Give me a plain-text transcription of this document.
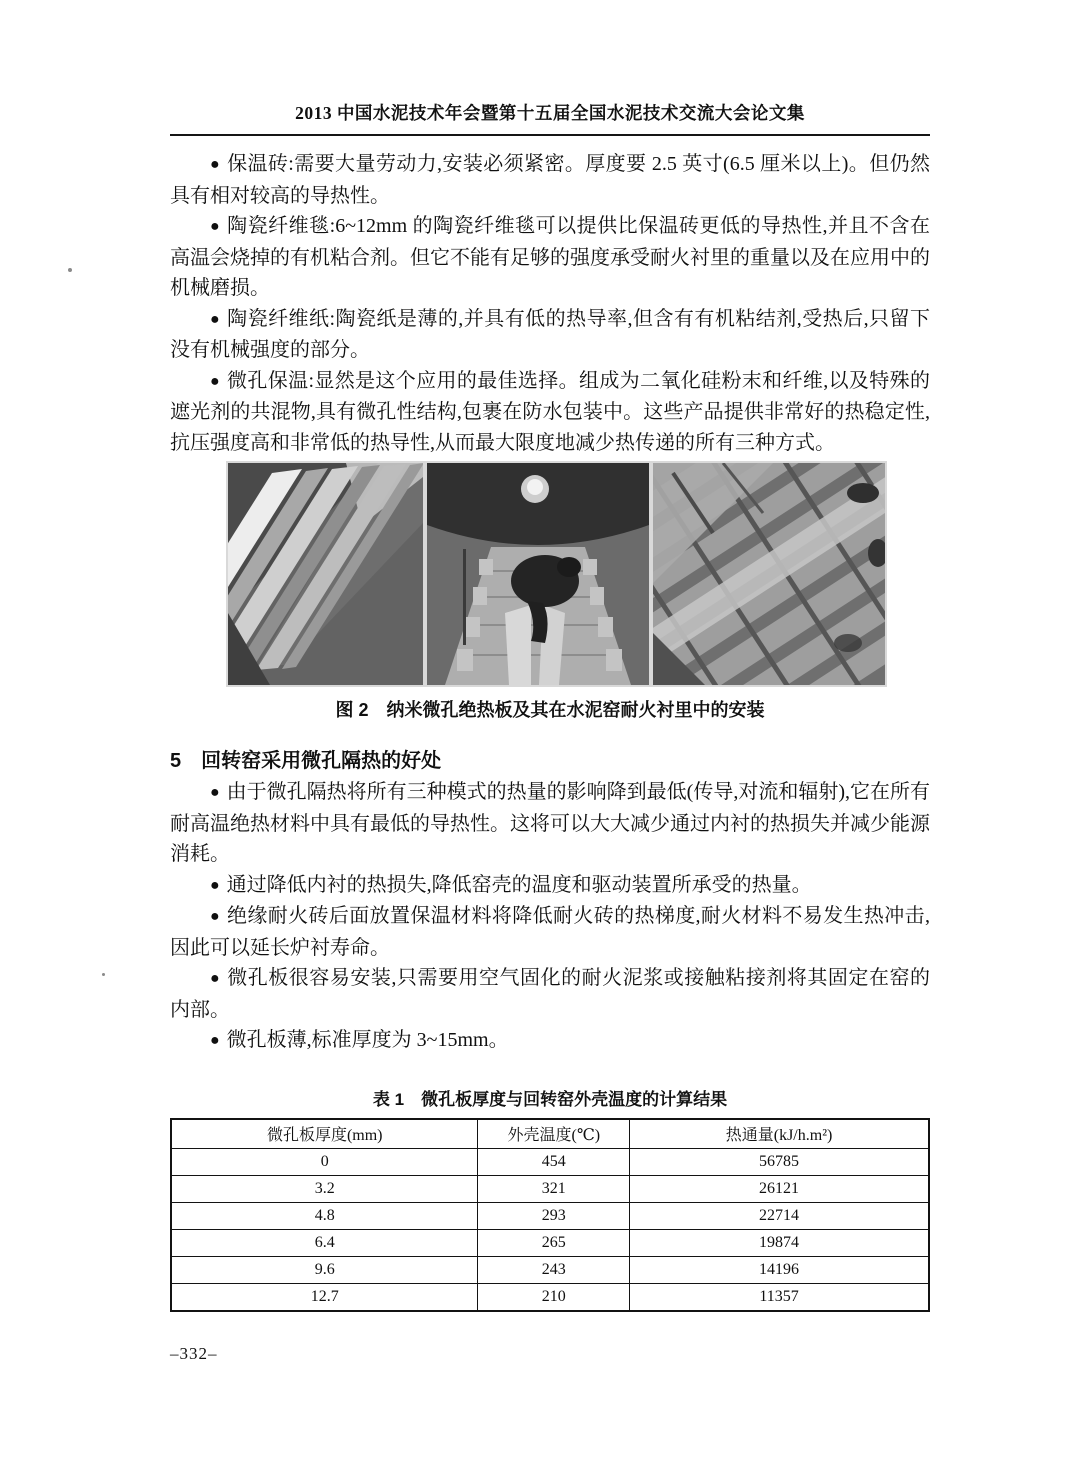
2013 中国水泥技术年会暨第十五届全国水泥技术交流大会论文集

● 保温砖:需要大量劳动力,安装必须紧密。厚度要 2.5 英寸(6.5 厘米以上)。但仍然具有相对较高的导热性。

● 陶瓷纤维毯:6~12mm 的陶瓷纤维毯可以提供比保温砖更低的导热性,并且不含在高温会烧掉的有机粘合剂。但它不能有足够的强度承受耐火衬里的重量以及在应用中的机械磨损。

● 陶瓷纤维纸:陶瓷纸是薄的,并具有低的热导率,但含有有机粘结剂,受热后,只留下没有机械强度的部分。

● 微孔保温:显然是这个应用的最佳选择。组成为二氧化硅粉末和纤维,以及特殊的遮光剂的共混物,具有微孔性结构,包裹在防水包装中。这些产品提供非常好的热稳定性,抗压强度高和非常低的热导性,从而最大限度地减少热传递的所有三种方式。

图 2　纳米微孔绝热板及其在水泥窑耐火衬里中的安装
5　回转窑采用微孔隔热的好处

● 由于微孔隔热将所有三种模式的热量的影响降到最低(传导,对流和辐射),它在所有耐高温绝热材料中具有最低的导热性。这将可以大大减少通过内衬的热损失并减少能源消耗。

● 通过降低内衬的热损失,降低窑壳的温度和驱动装置所承受的热量。

● 绝缘耐火砖后面放置保温材料将降低耐火砖的热梯度,耐火材料不易发生热冲击,因此可以延长炉衬寿命。

● 微孔板很容易安装,只需要用空气固化的耐火泥浆或接触粘接剂将其固定在窑的内部。

● 微孔板薄,标准厚度为 3~15mm。

表 1　微孔板厚度与回转窑外壳温度的计算结果
微孔板厚度(mm)	外壳温度(℃)	热通量(kJ/h.m²)
0	454	56785
3.2	321	26121
4.8	293	22714
6.4	265	19874
9.6	243	14196
12.7	210	11357
–332–
